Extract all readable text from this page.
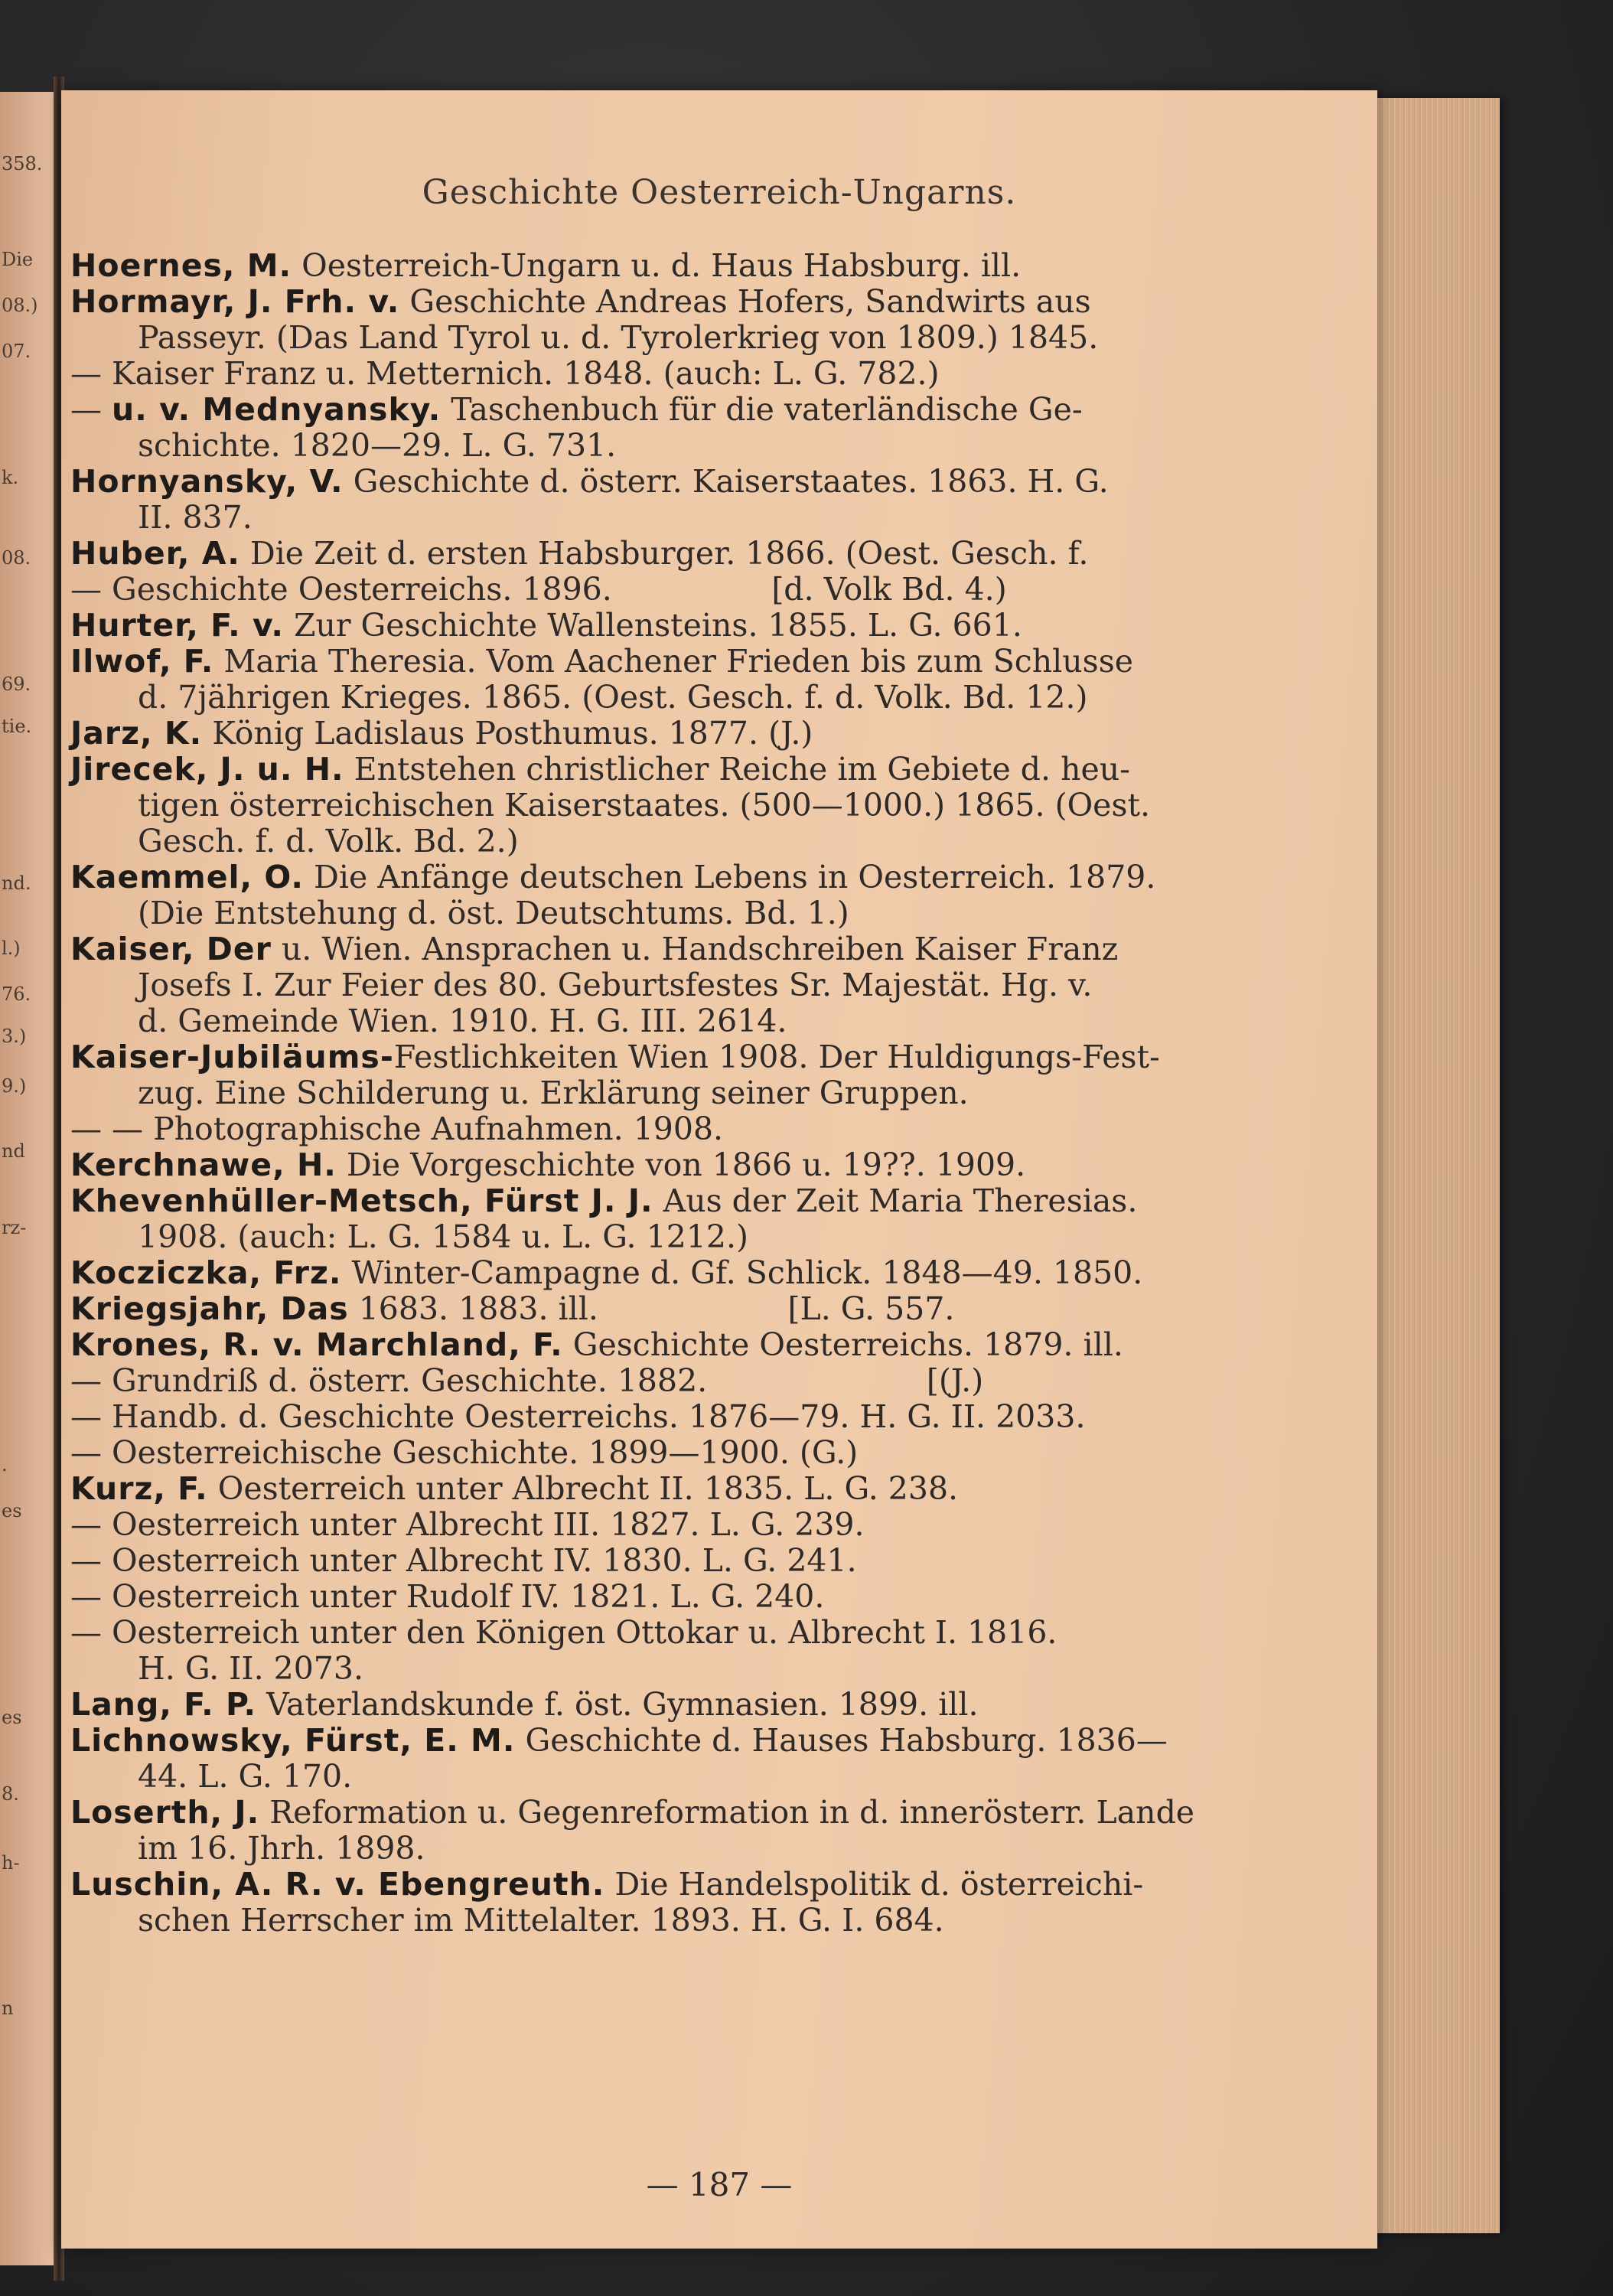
358.
Die
08.)
07.
k.
08.
69.
tie.
nd.
l.)
76.
3.)
9.)
nd
rz-
.
es
es
8.
h-
n
Geschichte Oesterreich-Ungarns.
Hoernes, M. Oesterreich-Ungarn u. d. Haus Habsburg. ill.
Hormayr, J. Frh. v. Geschichte Andreas Hofers, Sandwirts aus
Passeyr. (Das Land Tyrol u. d. Tyrolerkrieg von 1809.) 1845.
— Kaiser Franz u. Metternich. 1848. (auch: L. G. 782.)
— u. v. Mednyansky. Taschenbuch für die vaterländische Ge-
schichte. 1820—29. L. G. 731.
Hornyansky, V. Geschichte d. österr. Kaiserstaates. 1863. H. G.
II. 837.
Huber, A. Die Zeit d. ersten Habsburger. 1866. (Oest. Gesch. f.
— Geschichte Oesterreichs. 1896.                [d. Volk Bd. 4.)
Hurter, F. v. Zur Geschichte Wallensteins. 1855. L. G. 661.
Ilwof, F. Maria Theresia. Vom Aachener Frieden bis zum Schlusse
d. 7jährigen Krieges. 1865. (Oest. Gesch. f. d. Volk. Bd. 12.)
Jarz, K. König Ladislaus Posthumus. 1877. (J.)
Jirecek, J. u. H. Entstehen christlicher Reiche im Gebiete d. heu-
tigen österreichischen Kaiserstaates. (500—1000.) 1865. (Oest.
Gesch. f. d. Volk. Bd. 2.)
Kaemmel, O. Die Anfänge deutschen Lebens in Oesterreich. 1879.
(Die Entstehung d. öst. Deutschtums. Bd. 1.)
Kaiser, Der u. Wien. Ansprachen u. Handschreiben Kaiser Franz
Josefs I. Zur Feier des 80. Geburtsfestes Sr. Majestät. Hg. v.
d. Gemeinde Wien. 1910. H. G. III. 2614.
Kaiser-Jubiläums-Festlichkeiten Wien 1908. Der Huldigungs-Fest-
zug. Eine Schilderung u. Erklärung seiner Gruppen.
— — Photographische Aufnahmen. 1908.
Kerchnawe, H. Die Vorgeschichte von 1866 u. 19??. 1909.
Khevenhüller-Metsch, Fürst J. J. Aus der Zeit Maria Theresias.
1908. (auch: L. G. 1584 u. L. G. 1212.)
Kocziczka, Frz. Winter-Campagne d. Gf. Schlick. 1848—49. 1850.
Kriegsjahr, Das 1683. 1883. ill.                   [L. G. 557.
Krones, R. v. Marchland, F. Geschichte Oesterreichs. 1879. ill.
— Grundriß d. österr. Geschichte. 1882.                      [(J.)
— Handb. d. Geschichte Oesterreichs. 1876—79. H. G. II. 2033.
— Oesterreichische Geschichte. 1899—1900. (G.)
Kurz, F. Oesterreich unter Albrecht II. 1835. L. G. 238.
— Oesterreich unter Albrecht III. 1827. L. G. 239.
— Oesterreich unter Albrecht IV. 1830. L. G. 241.
— Oesterreich unter Rudolf IV. 1821. L. G. 240.
— Oesterreich unter den Königen Ottokar u. Albrecht I. 1816.
H. G. II. 2073.
Lang, F. P. Vaterlandskunde f. öst. Gymnasien. 1899. ill.
Lichnowsky, Fürst, E. M. Geschichte d. Hauses Habsburg. 1836—
44. L. G. 170.
Loserth, J. Reformation u. Gegenreformation in d. innerösterr. Lande
im 16. Jhrh. 1898.
Luschin, A. R. v. Ebengreuth. Die Handelspolitik d. österreichi-
schen Herrscher im Mittelalter. 1893. H. G. I. 684.
— 187 —
